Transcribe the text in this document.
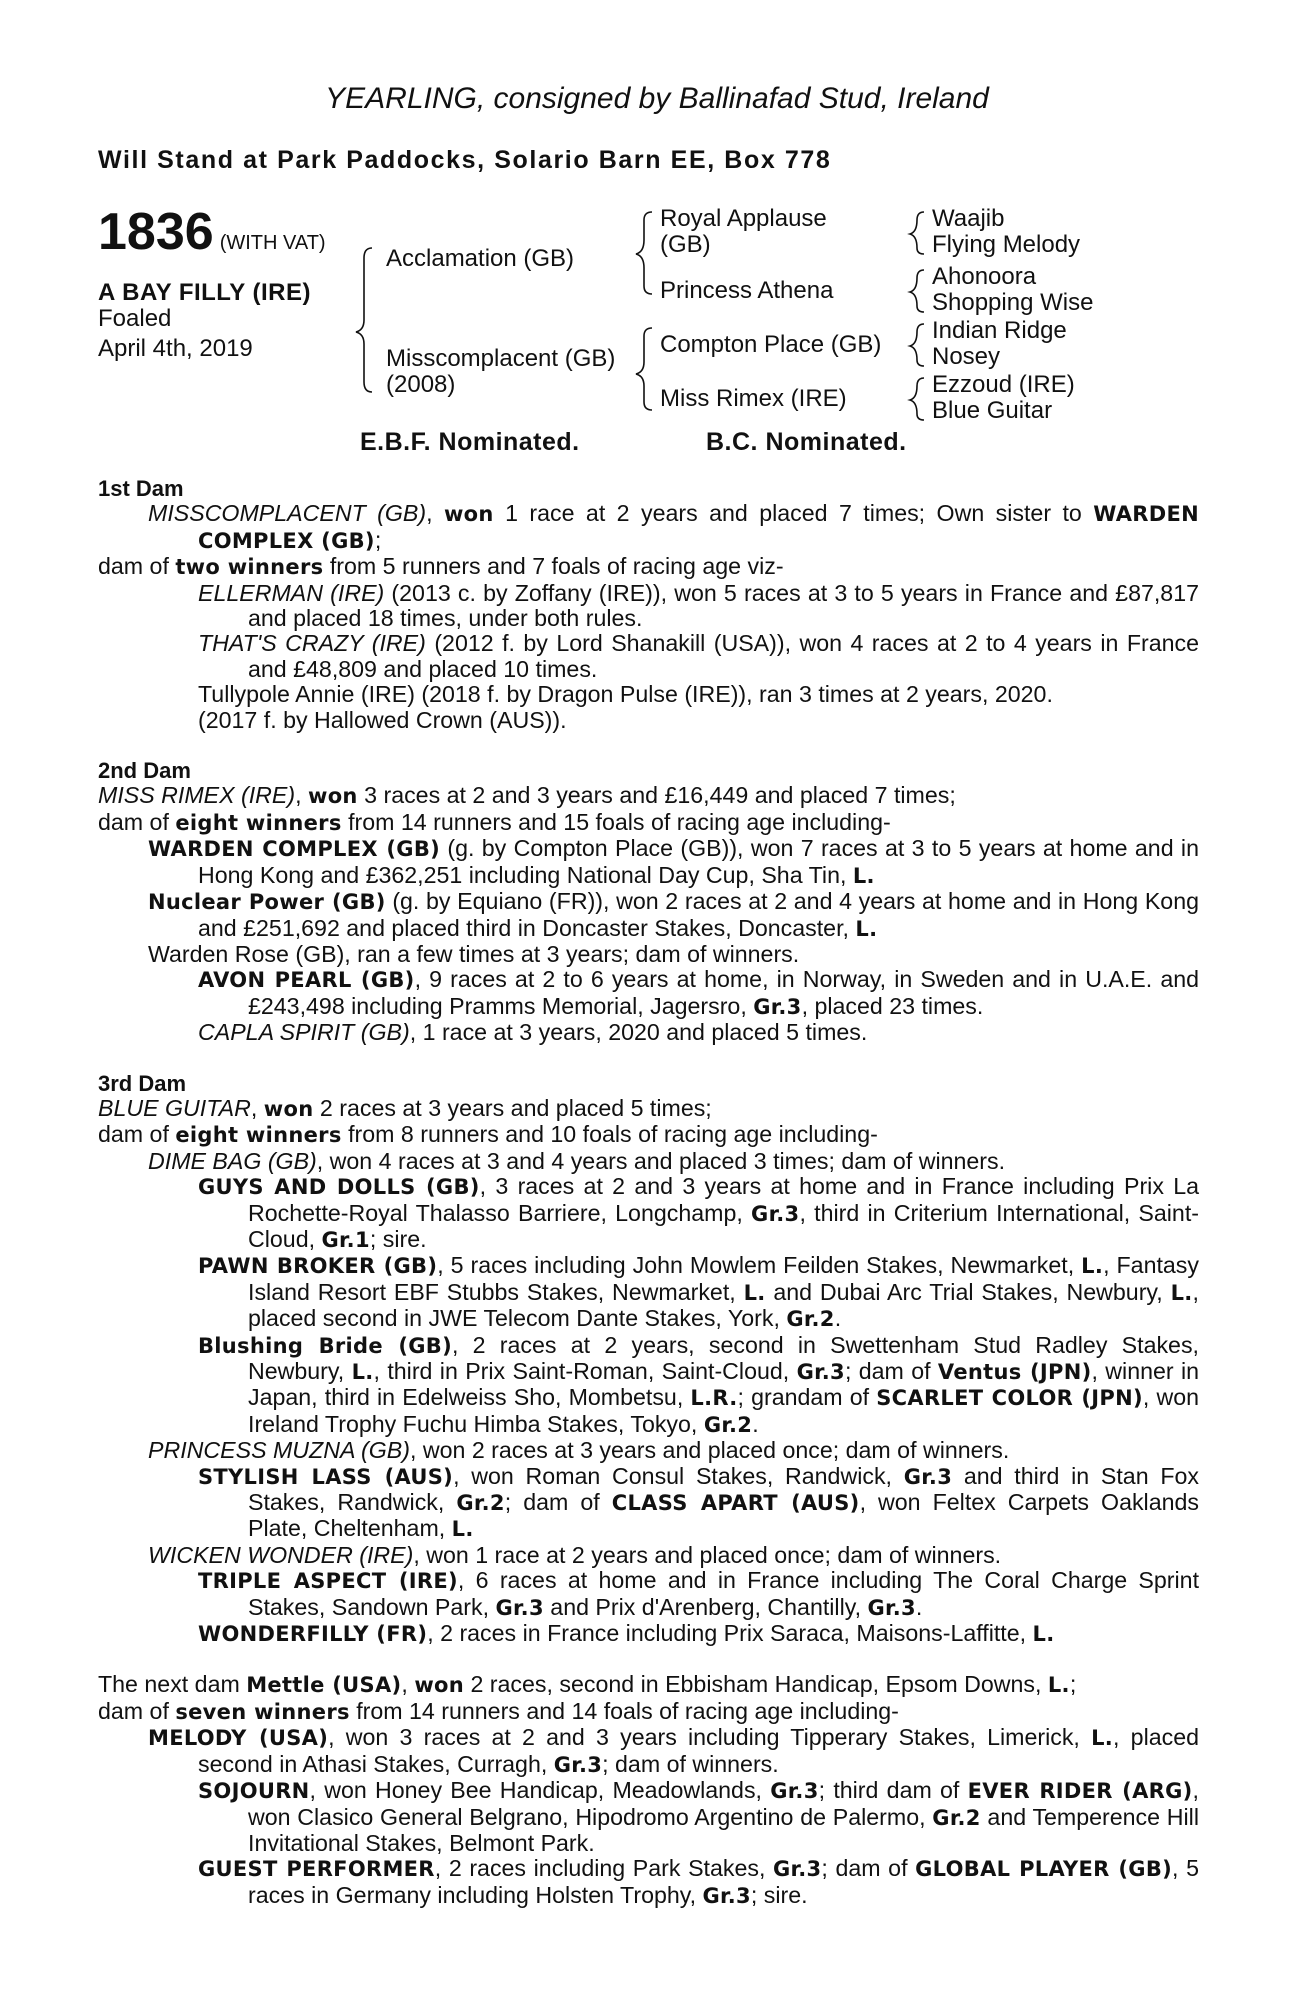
YEARLING, consigned by Ballinafad Stud, Ireland
Will Stand at Park Paddocks, Solario Barn EE, Box 778
1836 (WITH VAT)
A BAY FILLY (IRE)
Foaled
April 4th, 2019
Acclamation (GB)
Misscomplacent (GB)
(2008)
Royal Applause
(GB)
Princess Athena
Compton Place (GB)
Miss Rimex (IRE)
Waajib
Flying Melody
Ahonoora
Shopping Wise
Indian Ridge
Nosey
Ezzoud (IRE)
Blue Guitar
E.B.F. Nominated.	B.C. Nominated.
1st Dam
MISSCOMPLACENT (GB), won 1 race at 2 years and placed 7 times; Own sister to WARDEN COMPLEX (GB);
dam of two winners from 5 runners and 7 foals of racing age viz-
ELLERMAN (IRE) (2013 c. by Zoffany (IRE)), won 5 races at 3 to 5 years in France and £87,817 and placed 18 times, under both rules.
THAT'S CRAZY (IRE) (2012 f. by Lord Shanakill (USA)), won 4 races at 2 to 4 years in France and £48,809 and placed 10 times.
Tullypole Annie (IRE) (2018 f. by Dragon Pulse (IRE)), ran 3 times at 2 years, 2020.
(2017 f. by Hallowed Crown (AUS)).
2nd Dam
MISS RIMEX (IRE), won 3 races at 2 and 3 years and £16,449 and placed 7 times;
dam of eight winners from 14 runners and 15 foals of racing age including-
WARDEN COMPLEX (GB) (g. by Compton Place (GB)), won 7 races at 3 to 5 years at home and in Hong Kong and £362,251 including National Day Cup, Sha Tin, L.
Nuclear Power (GB) (g. by Equiano (FR)), won 2 races at 2 and 4 years at home and in Hong Kong and £251,692 and placed third in Doncaster Stakes, Doncaster, L.
Warden Rose (GB), ran a few times at 3 years; dam of winners.
AVON PEARL (GB), 9 races at 2 to 6 years at home, in Norway, in Sweden and in U.A.E. and £243,498 including Pramms Memorial, Jagersro, Gr.3, placed 23 times.
CAPLA SPIRIT (GB), 1 race at 3 years, 2020 and placed 5 times.
3rd Dam
BLUE GUITAR, won 2 races at 3 years and placed 5 times;
dam of eight winners from 8 runners and 10 foals of racing age including-
DIME BAG (GB), won 4 races at 3 and 4 years and placed 3 times; dam of winners.
GUYS AND DOLLS (GB), 3 races at 2 and 3 years at home and in France including Prix La Rochette-Royal Thalasso Barriere, Longchamp, Gr.3, third in Criterium International, Saint-Cloud, Gr.1; sire.
PAWN BROKER (GB), 5 races including John Mowlem Feilden Stakes, Newmarket, L., Fantasy Island Resort EBF Stubbs Stakes, Newmarket, L. and Dubai Arc Trial Stakes, Newbury, L., placed second in JWE Telecom Dante Stakes, York, Gr.2.
Blushing Bride (GB), 2 races at 2 years, second in Swettenham Stud Radley Stakes, Newbury, L., third in Prix Saint-Roman, Saint-Cloud, Gr.3; dam of Ventus (JPN), winner in Japan, third in Edelweiss Sho, Mombetsu, L.R.; grandam of SCARLET COLOR (JPN), won Ireland Trophy Fuchu Himba Stakes, Tokyo, Gr.2.
PRINCESS MUZNA (GB), won 2 races at 3 years and placed once; dam of winners.
STYLISH LASS (AUS), won Roman Consul Stakes, Randwick, Gr.3 and third in Stan Fox Stakes, Randwick, Gr.2; dam of CLASS APART (AUS), won Feltex Carpets Oaklands Plate, Cheltenham, L.
WICKEN WONDER (IRE), won 1 race at 2 years and placed once; dam of winners.
TRIPLE ASPECT (IRE), 6 races at home and in France including The Coral Charge Sprint Stakes, Sandown Park, Gr.3 and Prix d'Arenberg, Chantilly, Gr.3.
WONDERFILLY (FR), 2 races in France including Prix Saraca, Maisons-Laffitte, L.
The next dam Mettle (USA), won 2 races, second in Ebbisham Handicap, Epsom Downs, L.;
dam of seven winners from 14 runners and 14 foals of racing age including-
MELODY (USA), won 3 races at 2 and 3 years including Tipperary Stakes, Limerick, L., placed second in Athasi Stakes, Curragh, Gr.3; dam of winners.
SOJOURN, won Honey Bee Handicap, Meadowlands, Gr.3; third dam of EVER RIDER (ARG), won Clasico General Belgrano, Hipodromo Argentino de Palermo, Gr.2 and Temperence Hill Invitational Stakes, Belmont Park.
GUEST PERFORMER, 2 races including Park Stakes, Gr.3; dam of GLOBAL PLAYER (GB), 5 races in Germany including Holsten Trophy, Gr.3; sire.
